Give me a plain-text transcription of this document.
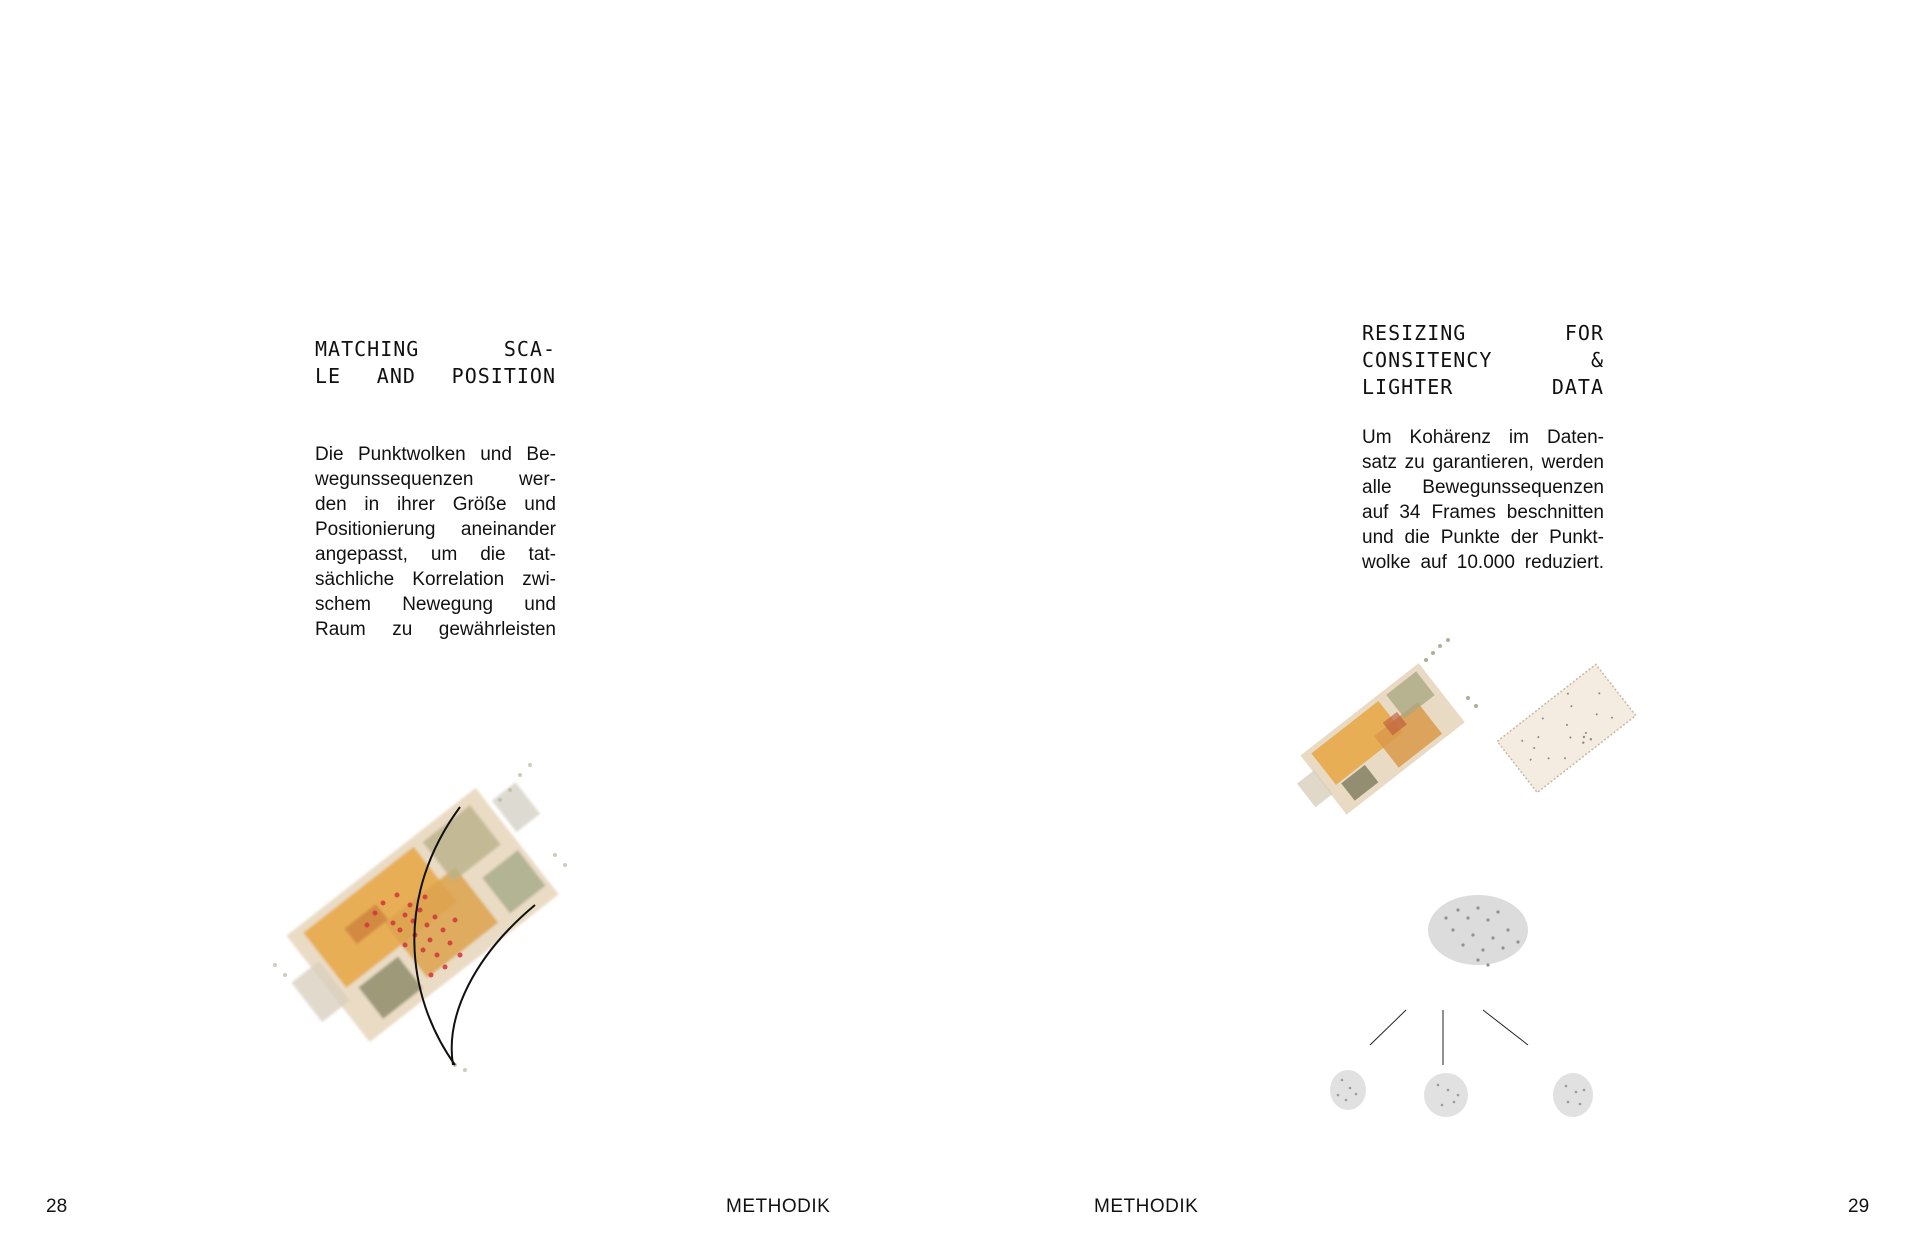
MATCHING SCA-
LE AND POSITION
Die Punktwolken und Be-
wegunssequenzen wer-
den in ihrer Größe und
Positionierung aneinander
angepasst, um die tat-
sächliche Korrelation zwi-
schem Newegung und
Raum zu gewährleisten
28	METHODIK
RESIZING FOR
CONSITENCY &
LIGHTER DATA
Um Kohärenz im Daten-
satz zu garantieren, werden
alle Bewegunssequenzen
auf 34 Frames beschnitten
und die Punkte der Punkt-
wolke auf 10.000 reduziert.
METHODIK	29
